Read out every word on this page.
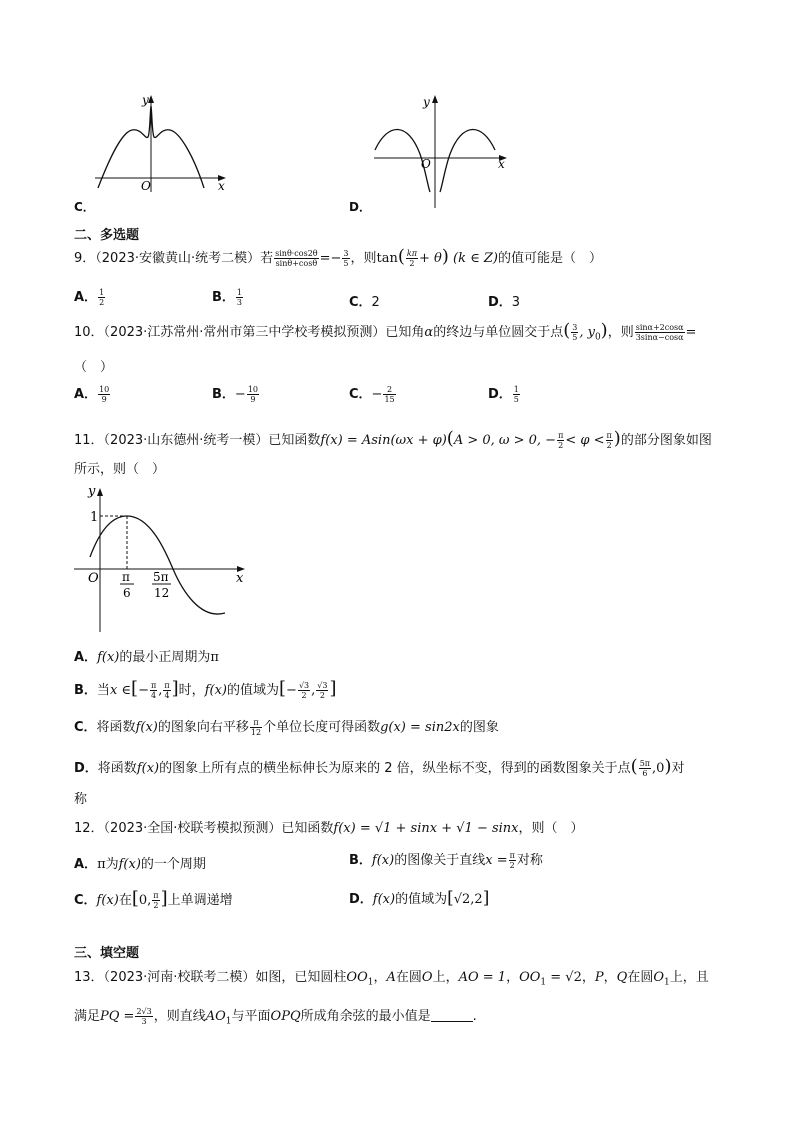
y
x
O
C．
y
x
O
D．
二、多选题
9．（2023·安徽黄山·统考二模）若 $\frac{\sin\theta\cdot\cos 2\theta}{\sin\theta+\cos\theta} =- \frac{3}{5}$ ，则$\tan( \frac{k\pi}{2} + \theta)$ (k ∈ Z)的值可能是（　）
A． $\frac{1}{2}$	B． $\frac{1}{3}$	C．2	D．3
10．（2023·江苏常州·常州市第三中学校考模拟预测）已知角α的终边与单位圆交于点( $\frac{3}{5}$ , $y_0$)，则 $\frac{\sin\alpha+2\cos\alpha}{3\sin\alpha-\cos\alpha}$ =
（　）
A． $\frac{10}{9}$	B．− $\frac{10}{9}$	C．− $\frac{2}{15}$	D． $\frac{1}{5}$
11．（2023·山东德州·统考一模）已知函数f(x) = Asin(ωx + φ)(A > 0, ω > 0, − $\frac{\pi}{2} < \varphi < \frac{\pi}{2}$ )的部分图象如图
所示，则（　）
y
x
O
1
π
6
5π
12
A．f(x)的最小正周期为π
B．当x ∈[− $\frac{\pi}{4}$ , $\frac{\pi}{4}$ ]时，f(x)的值域为[− $\frac{√3}{2}$ , $\frac{√3}{2}$ ]
C．将函数f(x)的图象向右平移 $\frac{\pi}{12}$ 个单位长度可得函数g(x) = sin2x的图象
D．将函数f(x)的图象上所有点的横坐标伸长为原来的 2 倍，纵坐标不变，得到的函数图象关于点( $\frac{5\pi}{6} ,0$)对
称
12．（2023·全国·校联考模拟预测）已知函数f(x) = √1 + sinx + √1 − sinx，则（　）
A．π为f(x)的一个周期	B．f(x)的图像关于直线$x = \frac{\pi}{2}$ 对称
C．f(x)在[0, $\frac{\pi}{2}$ ]上单调递增	D．f(x)的值域为[√2,2]
三、填空题
13．（2023·河南·校联考二模）如图，已知圆柱$OO_1$，A在圆O上，AO = 1，$OO_1 = √2$，P，Q在圆$O_1$上，且
满足PQ = $\frac{2√3}{3}$ ，则直线$AO_1$与平面OPQ所成角余弦的最小值是	.
